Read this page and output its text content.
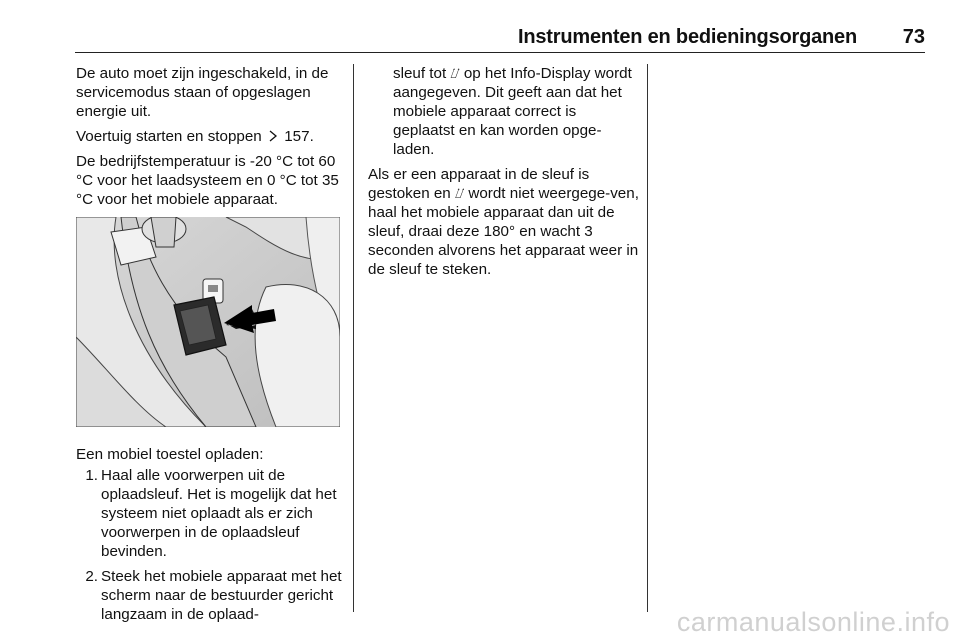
Instrumenten en bedieningsorganen 73

De auto moet zijn ingeschakeld, in de servicemodus staan of opgeslagen energie uit.

Voertuig starten en stoppen 157.

De bedrijfstemperatuur is -20 °C tot 60 °C voor het laadsysteem en 0 °C tot 35 °C voor het mobiele apparaat.

Een mobiel toestel opladen:

1. Haal alle voorwerpen uit de oplaadsleuf. Het is mogelijk dat het systeem niet oplaadt als er zich voorwerpen in de oplaadsleuf bevinden.
2. Steek het mobiele apparaat met het scherm naar de bestuurder gericht langzaam in de oplaad-

sleuf tot ⌰ op het Info-Display wordt aangegeven. Dit geeft aan dat het mobiele apparaat correct is geplaatst en kan worden opge-laden.

Als er een apparaat in de sleuf is gestoken en ⌰ wordt niet weergege-ven, haal het mobiele apparaat dan uit de sleuf, draai deze 180° en wacht 3 seconden alvorens het apparaat weer in de sleuf te steken.

carmanualsonline.info
